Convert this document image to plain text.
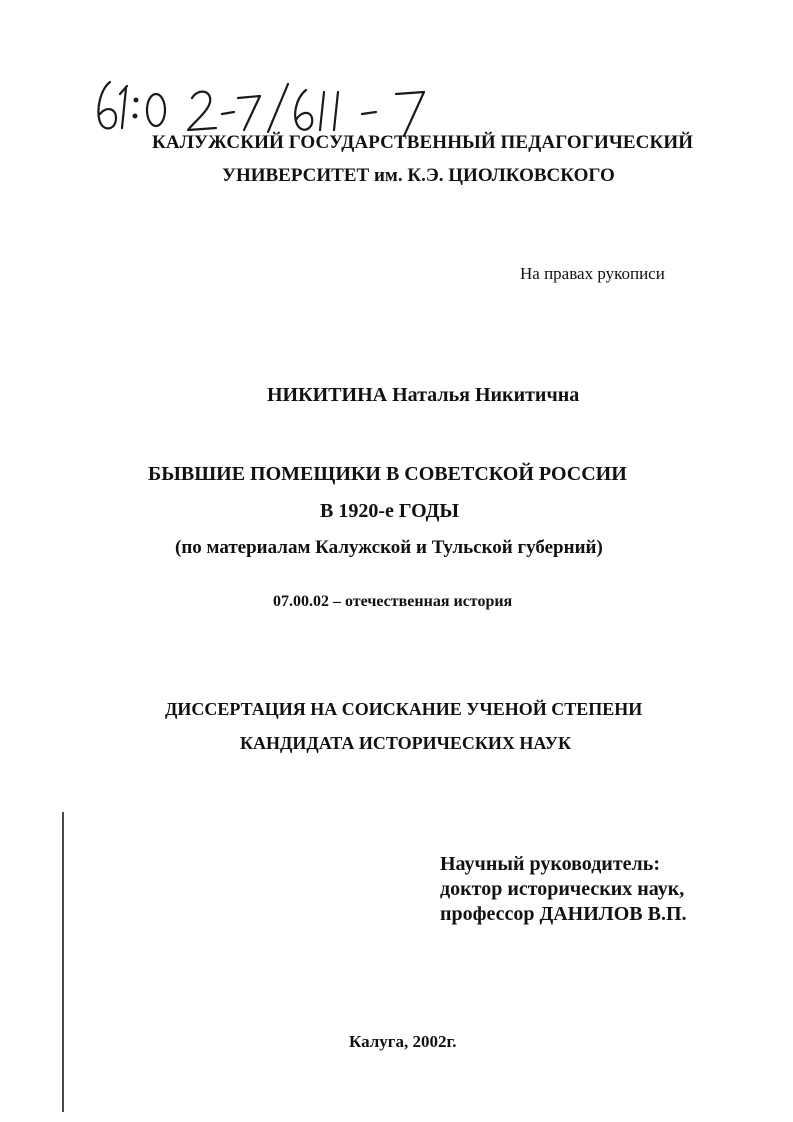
КАЛУЖСКИЙ ГОСУДАРСТВЕННЫЙ ПЕДАГОГИЧЕСКИЙ
УНИВЕРСИТЕТ им. К.Э. ЦИОЛКОВСКОГО
На правах рукописи
НИКИТИНА Наталья Никитична
БЫВШИЕ ПОМЕЩИКИ В СОВЕТСКОЙ РОССИИ
В 1920-е ГОДЫ
(по материалам Калужской и Тульской губерний)
07.00.02 – отечественная история
ДИССЕРТАЦИЯ НА СОИСКАНИЕ УЧЕНОЙ СТЕПЕНИ
КАНДИДАТА ИСТОРИЧЕСКИХ НАУК
Научный руководитель:
доктор исторических наук,
профессор ДАНИЛОВ В.П.
Калуга, 2002г.
